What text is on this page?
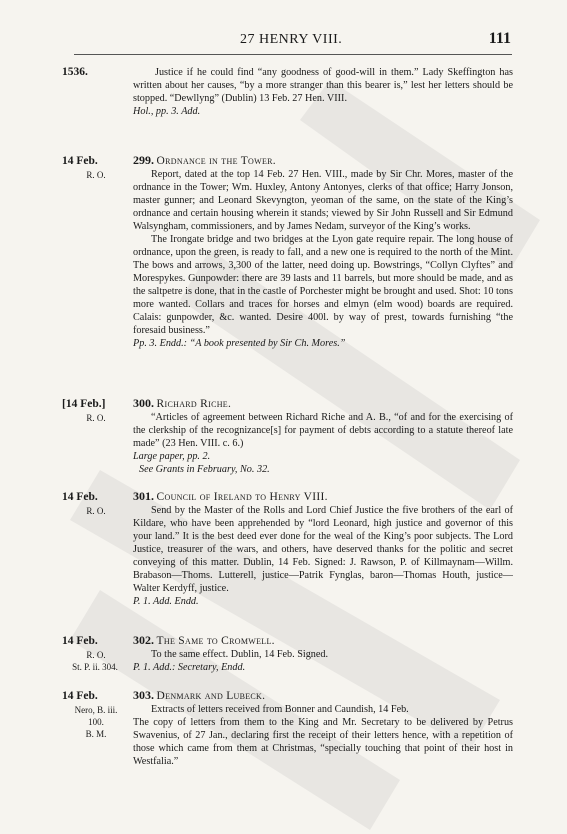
27 HENRY VIII.	111
1536.	Justice if he could find “any goodness of good-will in them.” Lady Skeffington has written about her causes, “by a more stranger than this bearer is,” lest her letters should be stopped. “Dewllyng” (Dublin) 13 Feb. 27 Hen. VIII.

Hol., pp. 3. Add.

14 Feb.
R. O.

299. Ordnance in the Tower.

Report, dated at the top 14 Feb. 27 Hen. VIII., made by Sir Chr. Mores, master of the ordnance in the Tower; Wm. Huxley, Antony Antonyes, clerks of that office; Harry Jonson, master gunner; and Leonard Skevyngton, yeoman of the same, on the state of the King’s ordnance and certain housing wherein it stands; viewed by Sir John Russell and Sir Edmund Walsyngham, commissioners, and by James Nedam, surveyor of the King’s works.

The Irongate bridge and two bridges at the Lyon gate require repair. The long house of ordnance, upon the green, is ready to fall, and a new one is required to the north of the Mint. The bows and arrows, 3,300 of the latter, need doing up. Bowstrings, “Collyn Clyftes” and Morespykes. Gunpowder: there are 39 lasts and 11 barrels, but more should be made, and as the saltpetre is done, that in the castle of Porchester might be brought and used. Shot: 10 tons more wanted. Collars and traces for horses and elmyn (elm wood) boards are required. Calais: gunpowder, &c. wanted. Desire 400l. by way of prest, towards furnishing “the foresaid business.”

Pp. 3. Endd.: “A book presented by Sir Ch. Mores.”

[14 Feb.]
R. O.

300. Richard Riche.

“Articles of agreement between Richard Riche and A. B., “of and for the exercising of the clerkship of the recognizance[s] for payment of debts according to a statute thereof late made” (23 Hen. VIII. c. 6.)

Large paper, pp. 2.

See Grants in February, No. 32.

14 Feb.
R. O.

301. Council of Ireland to Henry VIII.

Send by the Master of the Rolls and Lord Chief Justice the five brothers of the earl of Kildare, who have been apprehended by “lord Leonard, high justice and governor of this your land.” It is the best deed ever done for the weal of the King’s poor subjects. The Lord Justice, treasurer of the wars, and others, have deserved thanks for the politic and secret conveying of this matter. Dublin, 14 Feb. Signed: J. Rawson, P. of Killmaynam—Willm. Brabason—Thoms. Lutterell, justice—Patrik Fynglas, baron—Thomas Houth, justice—Walter Kerdyff, justice.

P. 1. Add. Endd.

14 Feb.
R. O.
St. P. ii. 304.

302. The Same to Cromwell.

To the same effect. Dublin, 14 Feb. Signed.

P. 1. Add.: Secretary, Endd.

14 Feb.
Nero, B. iii.
100.
B. M.

303. Denmark and Lubeck.

Extracts of letters received from Bonner and Caundish, 14 Feb.

The copy of letters from them to the King and Mr. Secretary to be delivered by Petrus Swavenius, of 27 Jan., declaring first the receipt of their letters hence, with a repetition of those which came from them at Christmas, “specially touching that point of their host in Westfalia.”
